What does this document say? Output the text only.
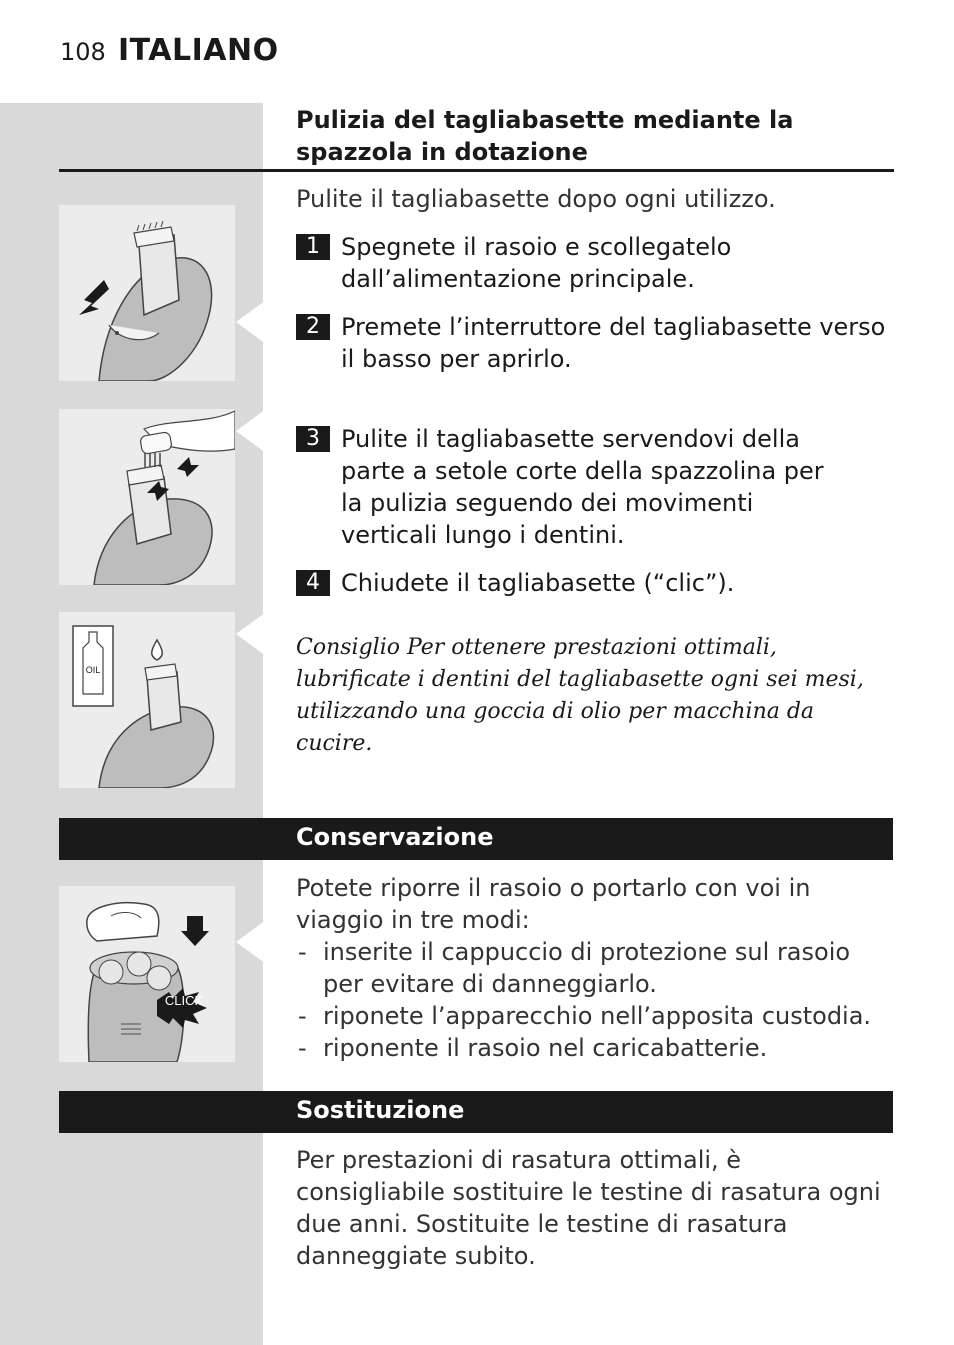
108 ITALIANO
Pulizia del tagliabasette mediante la spazzola in dotazione
Pulite il tagliabasette dopo ogni utilizzo.
1 Spegnete il rasoio e scollegatelo dall’alimentazione principale.
2 Premete l’interruttore del tagliabasette verso il basso per aprirlo.
3 Pulite il tagliabasette servendovi della parte a setole corte della spazzolina per la pulizia seguendo dei movimenti verticali lungo i dentini.
4 Chiudete il tagliabasette (“clic”).
Consiglio Per ottenere prestazioni ottimali, lubrificate i dentini del tagliabasette ogni sei mesi, utilizzando una goccia di olio per macchina da cucire.
OIL
Conservazione
CLICK
Potete riporre il rasoio o portarlo con voi in viaggio in tre modi:
- inserite il cappuccio di protezione sul rasoio per evitare di danneggiarlo.
- riponete l’apparecchio nell’apposita custodia.
- riponente il rasoio nel caricabatterie.
Sostituzione
Per prestazioni di rasatura ottimali, è consigliabile sostituire le testine di rasatura ogni due anni. Sostituite le testine di rasatura danneggiate subito.
